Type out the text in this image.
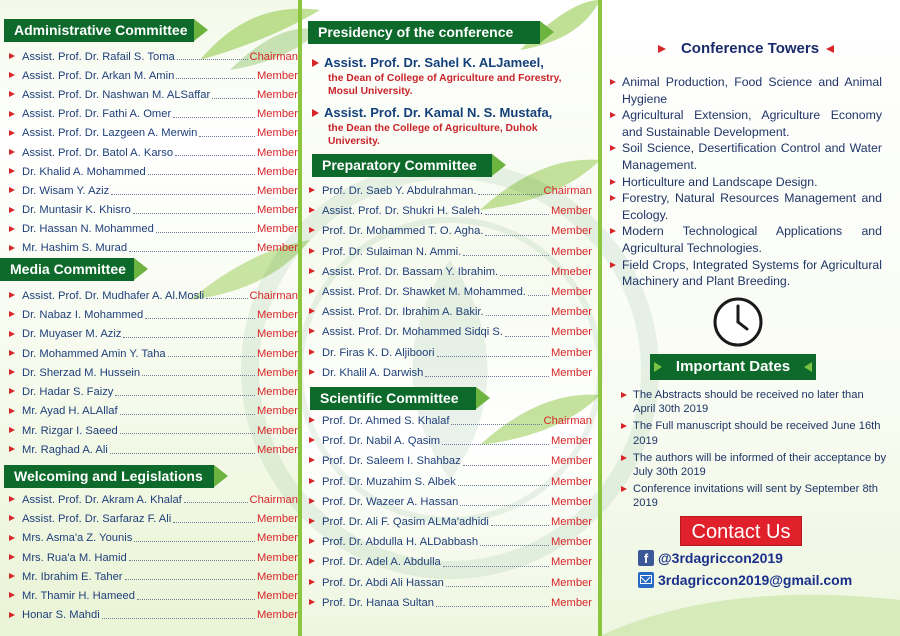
Administrative Committee
Assist. Prof. Dr. Rafail S. Toma	Chairman
Assist. Prof. Dr. Arkan M. Amin	Member
Assist. Prof. Dr. Nashwan M. ALSaffar	Member
Assist. Prof. Dr. Fathi A. Omer	Member
Assist. Prof. Dr. Lazgeen A. Merwin	Member
Assist. Prof. Dr. Batol A. Karso	Member
Dr. Khalid A. Mohammed	Member
Dr. Wisam Y. Aziz	Member
Dr. Muntasir K. Khisro	Member
Dr. Hassan N. Mohammed	Member
Mr. Hashim S. Murad	Member
Media Committee
Assist. Prof. Dr. Mudhafer A. Al.Mosli	Chairman
Dr. Nabaz I. Mohammed	Member
Dr. Muyaser M. Aziz	Member
Dr. Mohammed Amin Y. Taha	Member
Dr. Sherzad M. Hussein	Member
Dr. Hadar S. Faizy	Member
Mr. Ayad H. ALAllaf	Member
Mr. Rizgar I. Saeed	Member
Mr. Raghad A. Ali	Member
Welcoming and Legislations
Assist. Prof. Dr. Akram A. Khalaf	Chairman
Assist. Prof. Dr. Sarfaraz F. Ali	Member
Mrs. Asma'a Z. Younis	Member
Mrs. Rua'a M. Hamid	Member
Mr. Ibrahim E. Taher	Member
Mr. Thamir H. Hameed	Member
Honar S. Mahdi	Member
Presidency of the conference
Assist. Prof. Dr. Sahel K. ALJameel,
the Dean of College of Agriculture and Forestry, Mosul University.
Assist. Prof. Dr. Kamal N. S. Mustafa,
the Dean the College of Agriculture, Duhok University.
Preparatory Committee
Prof. Dr. Saeb Y. Abdulrahman.	Chairman
Assist. Prof. Dr. Shukri H. Saleh.	Member
Prof. Dr. Mohammed T. O. Agha.	Member
Prof. Dr. Sulaiman N. Ammi.	Member
Assist. Prof. Dr. Bassam Y. Ibrahim.	Mmeber
Assist. Prof. Dr. Shawket M. Mohammed. Member
Assist. Prof. Dr. Ibrahim A. Bakir.	Member
Assist. Prof. Dr. Mohammed Sidqi S.	Member
Dr. Firas K. D. Aljiboori	Member
Dr. Khalil A. Darwish	Member
Scientific Committee
Prof. Dr. Ahmed S. Khalaf	Chairman
Prof. Dr. Nabil A. Qasim	Member
Prof. Dr. Saleem I. Shahbaz	Member
Prof. Dr. Muzahim S. Albek	Member
Prof. Dr. Wazeer A. Hassan	Member
Prof. Dr. Ali F. Qasim ALMa'adhidi	Member
Prof. Dr. Abdulla H. ALDabbash	Member
Prof. Dr. Adel A. Abdulla	Member
Prof. Dr. Abdi Ali Hassan	Member
Prof. Dr. Hanaa Sultan	Member
Conference Towers
Animal Production, Food Science and Animal Hygiene
Agricultural Extension, Agriculture Economy and Sustainable Development.
Soil Science, Desertification Control and Water Management.
Horticulture and Landscape Design.
Forestry, Natural Resources Management and Ecology.
Modern Technological Applications and Agricultural Technologies.
Field Crops, Integrated Systems for Agricultural Machinery and Plant Breeding.
Important Dates
The Abstracts should be received no later than April 30th 2019
The Full manuscript should be received June 16th 2019
The authors will be informed of their acceptance by July 30th 2019
Conference invitations will sent by September 8th 2019
Contact Us
f @3rdagriccon2019
3rdagriccon2019@gmail.com
